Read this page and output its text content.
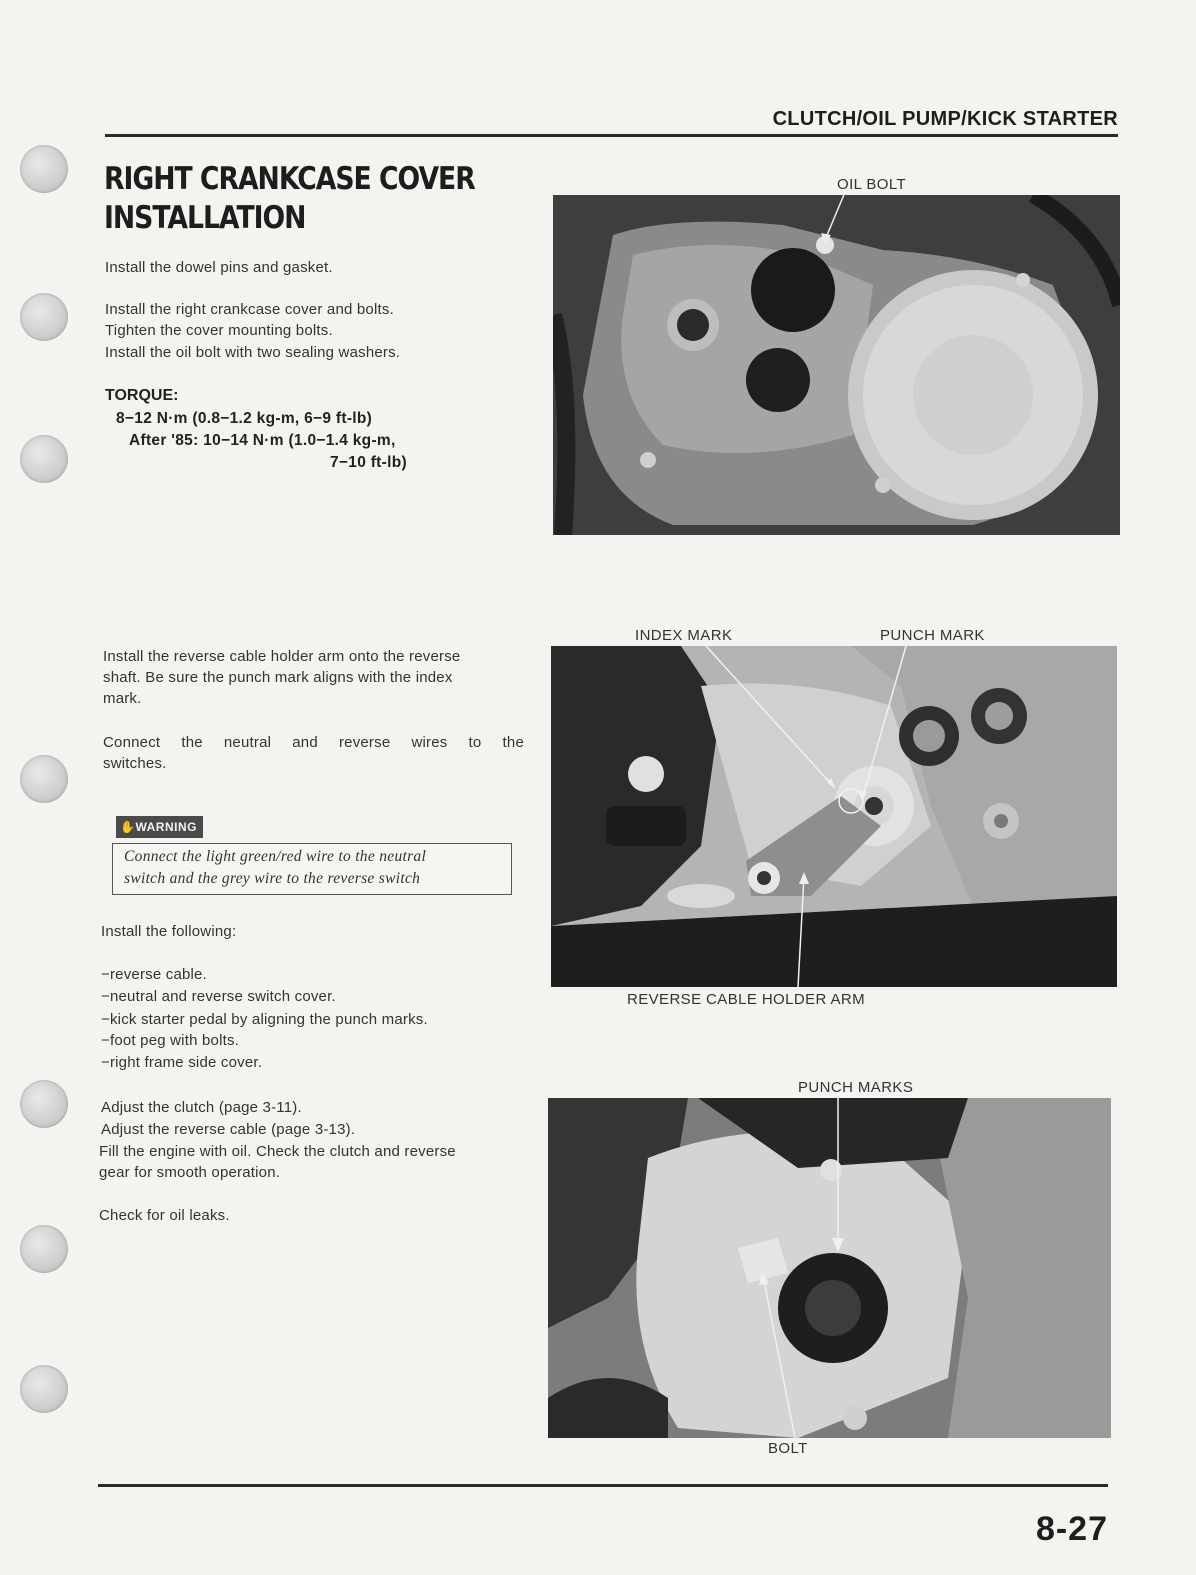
CLUTCH/OIL PUMP/KICK STARTER
RIGHT CRANKCASE COVER
INSTALLATION

Install the dowel pins and gasket.

Install the right crankcase cover and bolts.

Tighten the cover mounting bolts.

Install the oil bolt with two sealing washers.

TORQUE:
8−12 N·m (0.8−1.2 kg-m, 6−9 ft-lb)
After '85: 10−14 N·m (1.0−1.4 kg-m,
7−10 ft-lb)

Install the reverse cable holder arm onto the reverse

shaft. Be sure the punch mark aligns with the index

mark.

Connect the neutral and reverse wires to the

switches.

✋WARNING

Connect the light green/red wire to the neutral
switch and the grey wire to the reverse switch

Install the following:

−reverse cable.

−neutral and reverse switch cover.

−kick starter pedal by aligning the punch marks.

−foot peg with bolts.

−right frame side cover.

Adjust the clutch (page 3-11).

Adjust the reverse cable (page 3-13).

Fill the engine with oil. Check the clutch and reverse

gear for smooth operation.

Check for oil leaks.

OIL BOLT
INDEX MARK	PUNCH MARK
REVERSE CABLE HOLDER ARM
PUNCH MARKS
BOLT
8-27
